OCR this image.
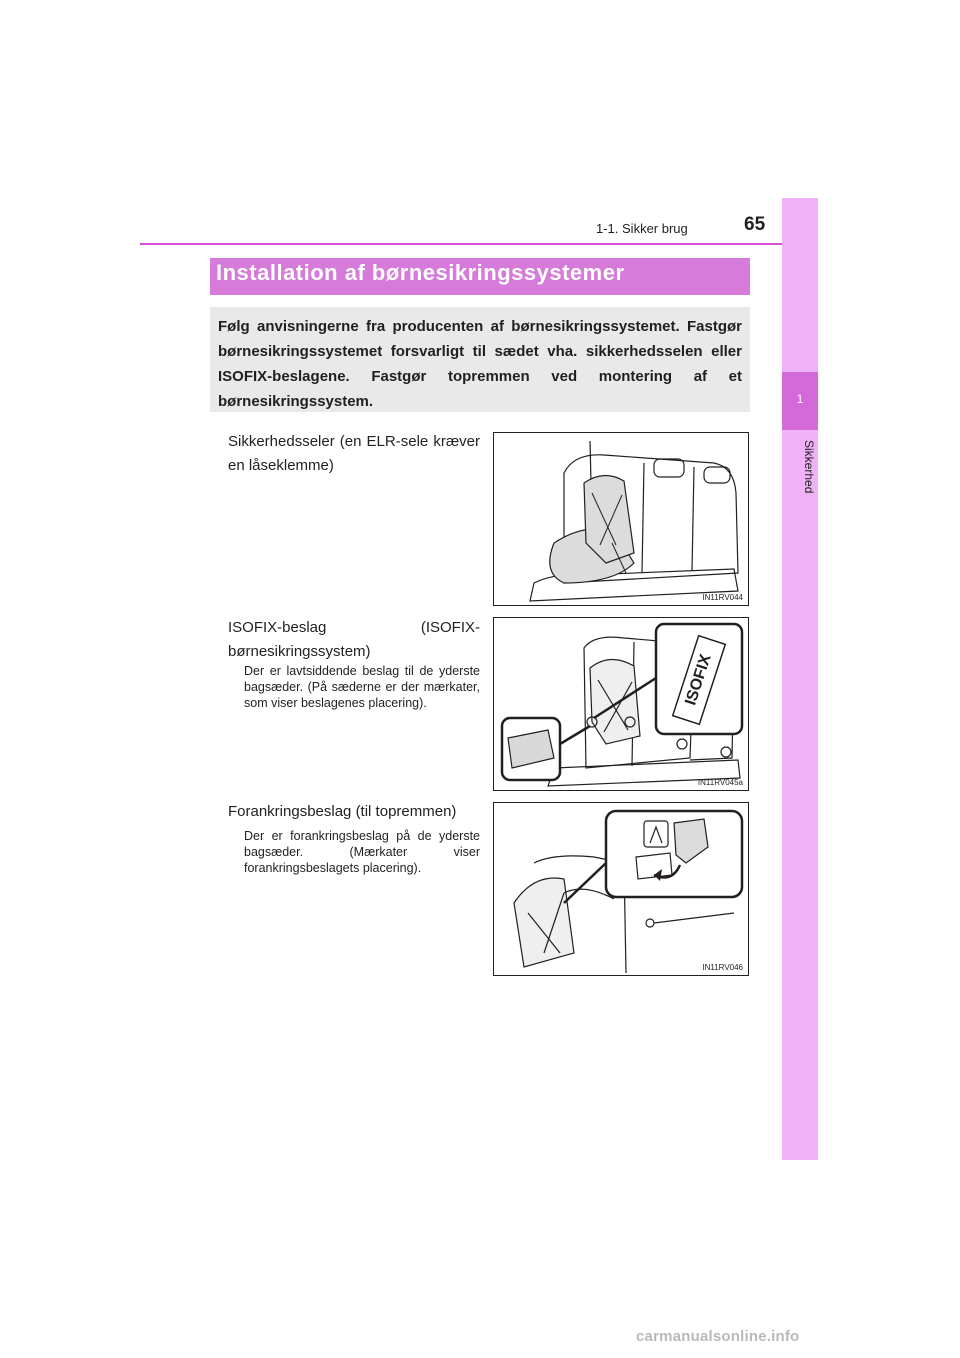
1-1. Sikker brug	65
1
Sikkerhed
Installation af børnesikringssystemer
Følg anvisningerne fra producenten af børnesikringssystemet. Fastgør børnesikringssystemet forsvarligt til sædet vha. sikkerhedsselen eller ISOFIX-beslagene. Fastgør topremmen ved montering af et børnesikringssystem.
Sikkerhedsseler (en ELR-sele kræver en låseklemme)
IN11RV044
ISOFIX-beslag (ISOFIX-børnesikringssystem)
Der er lavtsiddende beslag til de yderste bagsæder. (På sæderne er der mærkater, som viser beslagenes placering).	ISOFIX
IN11RV045a
Forankringsbeslag (til topremmen)
Der er forankringsbeslag på de yderste bagsæder. (Mærkater viser forankringsbeslagets placering).
IN11RV046
carmanualsonline.info
